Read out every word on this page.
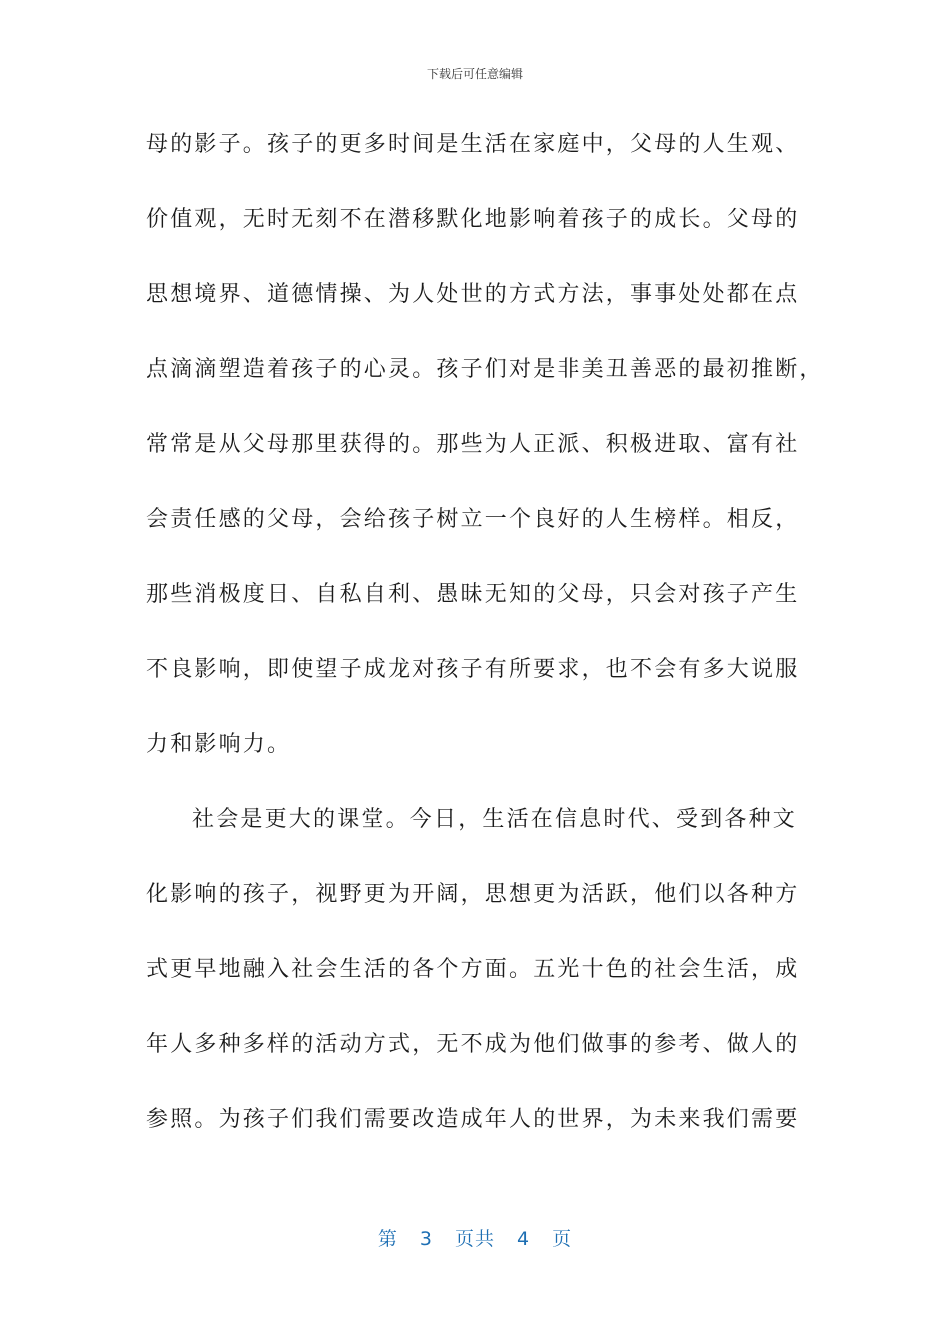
下载后可任意编辑
母的影子。孩子的更多时间是生活在家庭中，父母的人生观、
价值观，无时无刻不在潜移默化地影响着孩子的成长。父母的
思想境界、道德情操、为人处世的方式方法，事事处处都在点
点滴滴塑造着孩子的心灵。孩子们对是非美丑善恶的最初推断，
常常是从父母那里获得的。那些为人正派、积极进取、富有社
会责任感的父母，会给孩子树立一个良好的人生榜样。相反，
那些消极度日、自私自利、愚昧无知的父母，只会对孩子产生
不良影响，即使望子成龙对孩子有所要求，也不会有多大说服
力和影响力。
社会是更大的课堂。今日，生活在信息时代、受到各种文
化影响的孩子，视野更为开阔，思想更为活跃，他们以各种方
式更早地融入社会生活的各个方面。五光十色的社会生活，成
年人多种多样的活动方式，无不成为他们做事的参考、做人的
参照。为孩子们我们需要改造成年人的世界，为未来我们需要
第 3 页共 4 页
